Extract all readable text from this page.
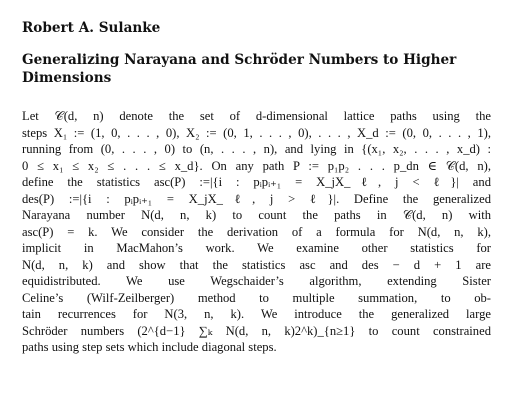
Robert A. Sulanke
Generalizing Narayana and Schröder Numbers to Higher Dimensions
Let 𝒞(d, n) denote the set of d-dimensional lattice paths using the
steps X₁ := (1, 0, . . . , 0), X₂ := (0, 1, . . . , 0), . . . , X_d := (0, 0, . . . , 1),
running from (0, . . . , 0) to (n, . . . , n), and lying in {(x₁, x₂, . . . , x_d) :
0 ≤ x₁ ≤ x₂ ≤ . . . ≤ x_d}. On any path P := p₁p₂ . . . p_dn ∈ 𝒞(d, n),
define the statistics asc(P) :=|{i : pᵢpᵢ₊₁ = X_jX_ℓ, j < ℓ}| and
des(P) :=|{i : pᵢpᵢ₊₁ = X_jX_ℓ, j > ℓ}|. Define the generalized
Narayana number N(d, n, k) to count the paths in 𝒞(d, n) with
asc(P) = k. We consider the derivation of a formula for N(d, n, k),
implicit in MacMahon’s work. We examine other statistics for
N(d, n, k) and show that the statistics asc and des − d + 1 are
equidistributed. We use Wegschaider’s algorithm, extending Sister
Celine’s (Wilf-Zeilberger) method to multiple summation, to ob-
tain recurrences for N(3, n, k). We introduce the generalized large
Schröder numbers (2^{d−1} ∑ₖ N(d, n, k)2^k)_{n≥1} to count constrained
paths using step sets which include diagonal steps.
